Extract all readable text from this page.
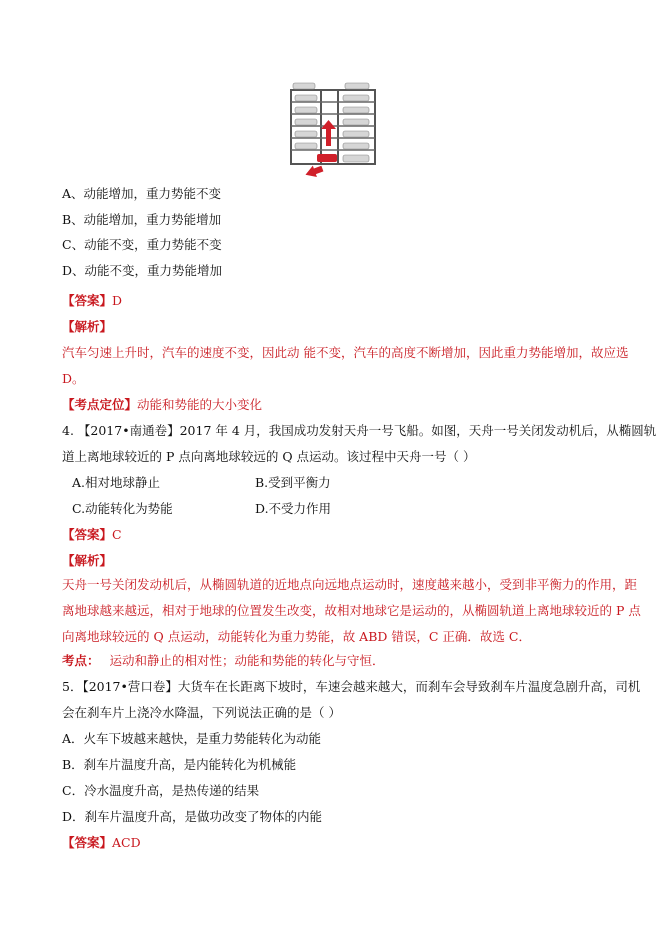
A、动能增加，重力势能不变
B、动能增加，重力势能增加
C、动能不变，重力势能不变
D、动能不变，重力势能增加
【答案】D
【解析】
汽车匀速上升时，汽车的速度不变，因此动 能不变，汽车的高度不断增加，因此重力势能增加，故应选
D。
【考点定位】动能和势能的大小变化
4. 【2017•南通卷】2017 年 4 月，我国成功发射天舟一号飞船。如图，天舟一号关闭发动机后，从椭圆轨
道上离地球较近的 P 点向离地球较远的 Q 点运动。该过程中天舟一号（ ）
A.相对地球静止	B.受到平衡力
C.动能转化为势能	D.不受力作用
【答案】C
【解析】
天舟一号关闭发动机后，从椭圆轨道的近地点向远地点运动时，速度越来越小，受到非平衡力的作用，距
离地球越来越远，相对于地球的位置发生改变，故相对地球它是运动的，从椭圆轨道上离地球较近的 P 点
向离地球较远的 Q 点运动，动能转化为重力势能，故 ABD 错误，C 正确．故选 C．
考点： 运动和静止的相对性；动能和势能的转化与守恒．
5．【2017•营口卷】大货车在长距离下坡时，车速会越来越大，而刹车会导致刹车片温度急剧升高，司机
会在刹车片上浇冷水降温，下列说法正确的是（ ）
A．火车下坡越来越快，是重力势能转化为动能
B．刹车片温度升高，是内能转化为机械能
C．冷水温度升高，是热传递的结果
D．刹车片温度升高，是做功改变了物体的内能
【答案】ACD
